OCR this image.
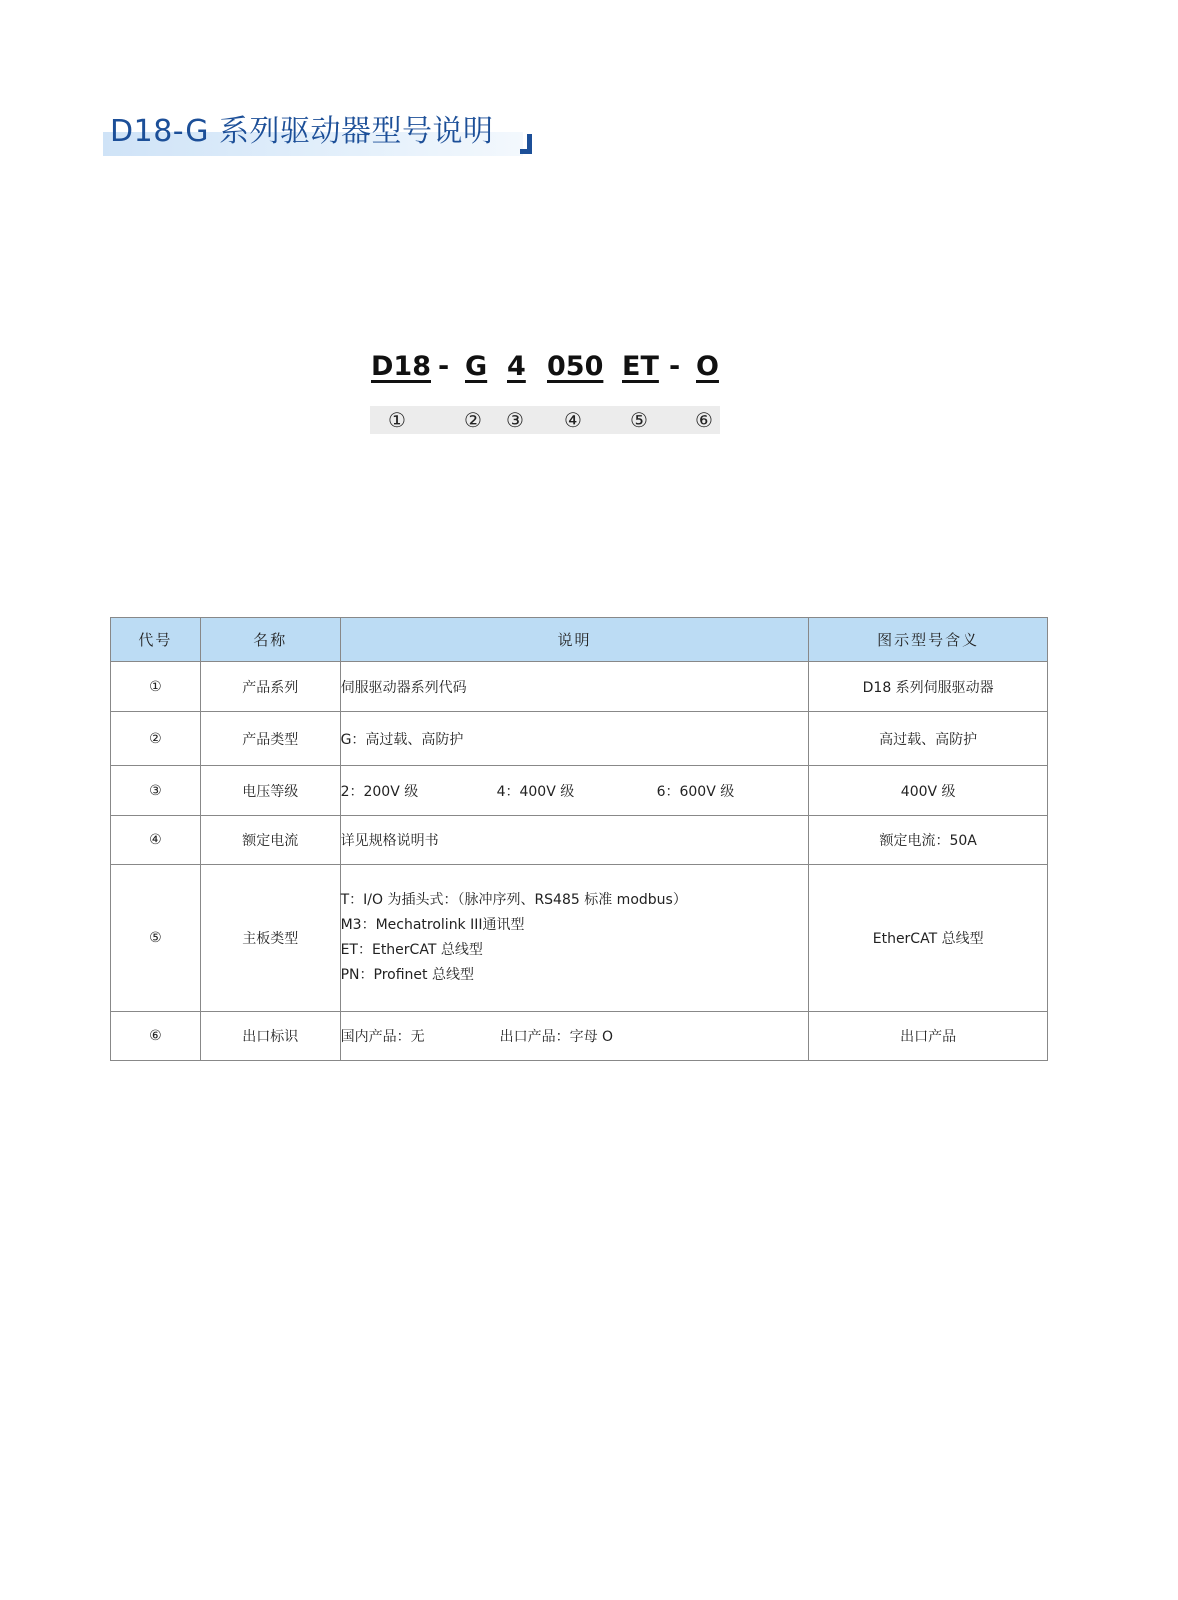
D18-G 系列驱动器型号说明
D18 - G 4 050 ET - O
①	② ③ ④ ⑤ ⑥
代号	名称	说明	图示型号含义
①	产品系列	伺服驱动器系列代码	D18 系列伺服驱动器
②	产品类型	G：高过载、高防护	高过载、高防护
③	电压等级	2：200V 级 4：400V 级 6：600V 级	400V 级
④	额定电流	详见规格说明书	额定电流：50A
⑤	主板类型	T：I/O 为插头式：（脉冲序列、RS485 标准 modbus）
M3：Mechatrolink III通讯型
ET：EtherCAT 总线型
PN：Profinet 总线型	EtherCAT 总线型
⑥	出口标识	国内产品：无 出口产品：字母 O	出口产品
